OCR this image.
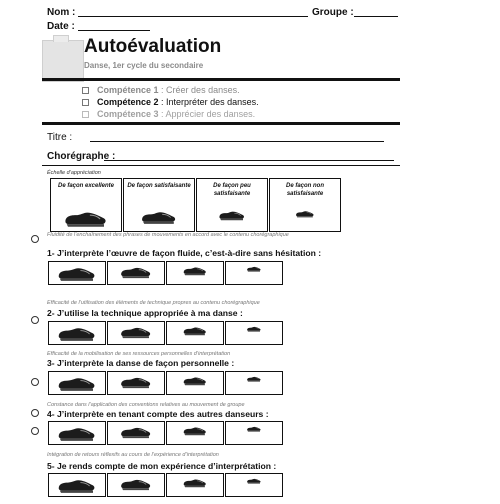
Nom :	Groupe :
Date :
Autoévaluation
Danse, 1er cycle du secondaire
Compétence 1 : Créer des danses.
Compétence 2 : Interpréter des danses.
Compétence 3 : Apprécier des danses.
Titre :
Chorégraphe :
Échelle d’appréciation
De façon excellente	De façon satisfaisante	De façon peu satisfaisante
De façon non satisfaisante
Fluidité de l’enchaînement des phrases de mouvements en accord avec le contenu chorégraphique
1- J’interprète l’œuvre de façon fluide, c’est-à-dire sans hésitation :
Efficacité de l’utilisation des éléments de technique propres au contenu chorégraphique
2- J’utilise la technique appropriée à ma danse :
Efficacité de la mobilisation de ses ressources personnelles d’interprétation
3- J’interprète la danse de façon personnelle :
Constance dans l’application des conventions relatives au mouvement de groupe
4- J’interprète en tenant compte des autres danseurs :
Intégration de retours réflexifs au cours de l’expérience d’interprétation
5- Je rends compte de mon expérience d’interprétation :
